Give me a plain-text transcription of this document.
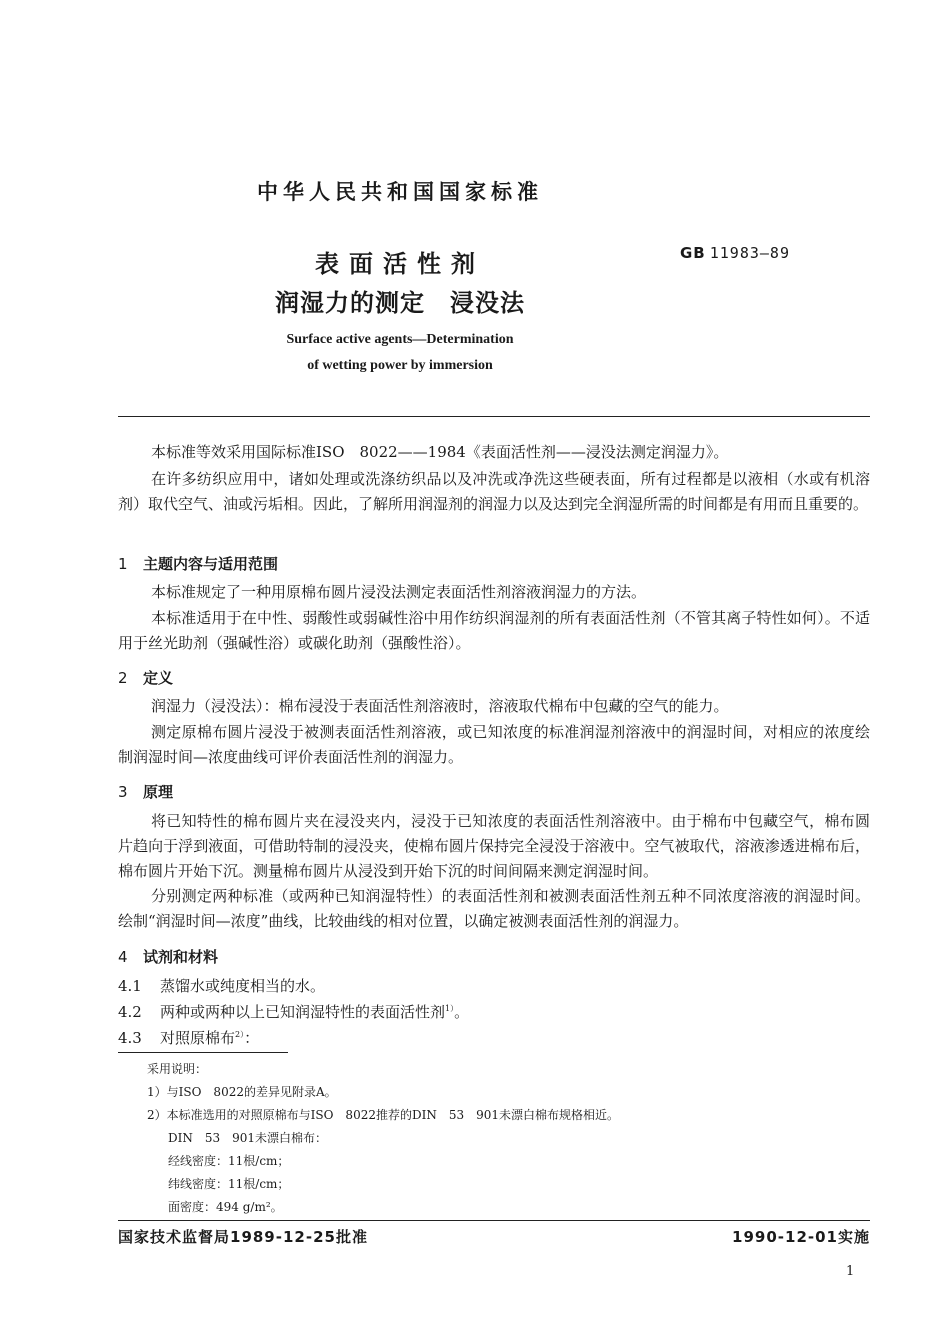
中华人民共和国国家标准
表面活性剂
润湿力的测定　浸没法
GB 11983—89
Surface active agents—Determination
of wetting power by immersion
本标准等效采用国际标准ISO　8022——1984《表面活性剂——浸没法测定润湿力》。
在许多纺织应用中，诸如处理或洗涤纺织品以及冲洗或净洗这些硬表面，所有过程都是以液相（水或有机溶剂）取代空气、油或污垢相。因此，了解所用润湿剂的润湿力以及达到完全润湿所需的时间都是有用而且重要的。
1 主题内容与适用范围
本标准规定了一种用原棉布圆片浸没法测定表面活性剂溶液润湿力的方法。
本标准适用于在中性、弱酸性或弱碱性浴中用作纺织润湿剂的所有表面活性剂（不管其离子特性如何）。不适用于丝光助剂（强碱性浴）或碳化助剂（强酸性浴）。
2 定义
润湿力（浸没法）：棉布浸没于表面活性剂溶液时，溶液取代棉布中包藏的空气的能力。
测定原棉布圆片浸没于被测表面活性剂溶液，或已知浓度的标准润湿剂溶液中的润湿时间，对相应的浓度绘制润湿时间—浓度曲线可评价表面活性剂的润湿力。
3 原理
将已知特性的棉布圆片夹在浸没夹内，浸没于已知浓度的表面活性剂溶液中。由于棉布中包藏空气，棉布圆片趋向于浮到液面，可借助特制的浸没夹，使棉布圆片保持完全浸没于溶液中。空气被取代，溶液渗透进棉布后，棉布圆片开始下沉。测量棉布圆片从浸没到开始下沉的时间间隔来测定润湿时间。
分别测定两种标准（或两种已知润湿特性）的表面活性剂和被测表面活性剂五种不同浓度溶液的润湿时间。绘制“润湿时间—浓度”曲线，比较曲线的相对位置，以确定被测表面活性剂的润湿力。
4 试剂和材料
4.1 蒸馏水或纯度相当的水。
4.2 两种或两种以上已知润湿特性的表面活性剂$^{1)}$。
4.3 对照原棉布$^{2)}$：
采用说明：
1）与ISO　8022的差异见附录A。
2）本标准选用的对照原棉布与ISO　8022推荐的DIN　53　901未漂白棉布规格相近。
DIN　53　901未漂白棉布：
经线密度：11根/cm；
纬线密度：11根/cm；
面密度：494 g/m²。
国家技术监督局1989-12-25批准	1990-12-01实施
1
